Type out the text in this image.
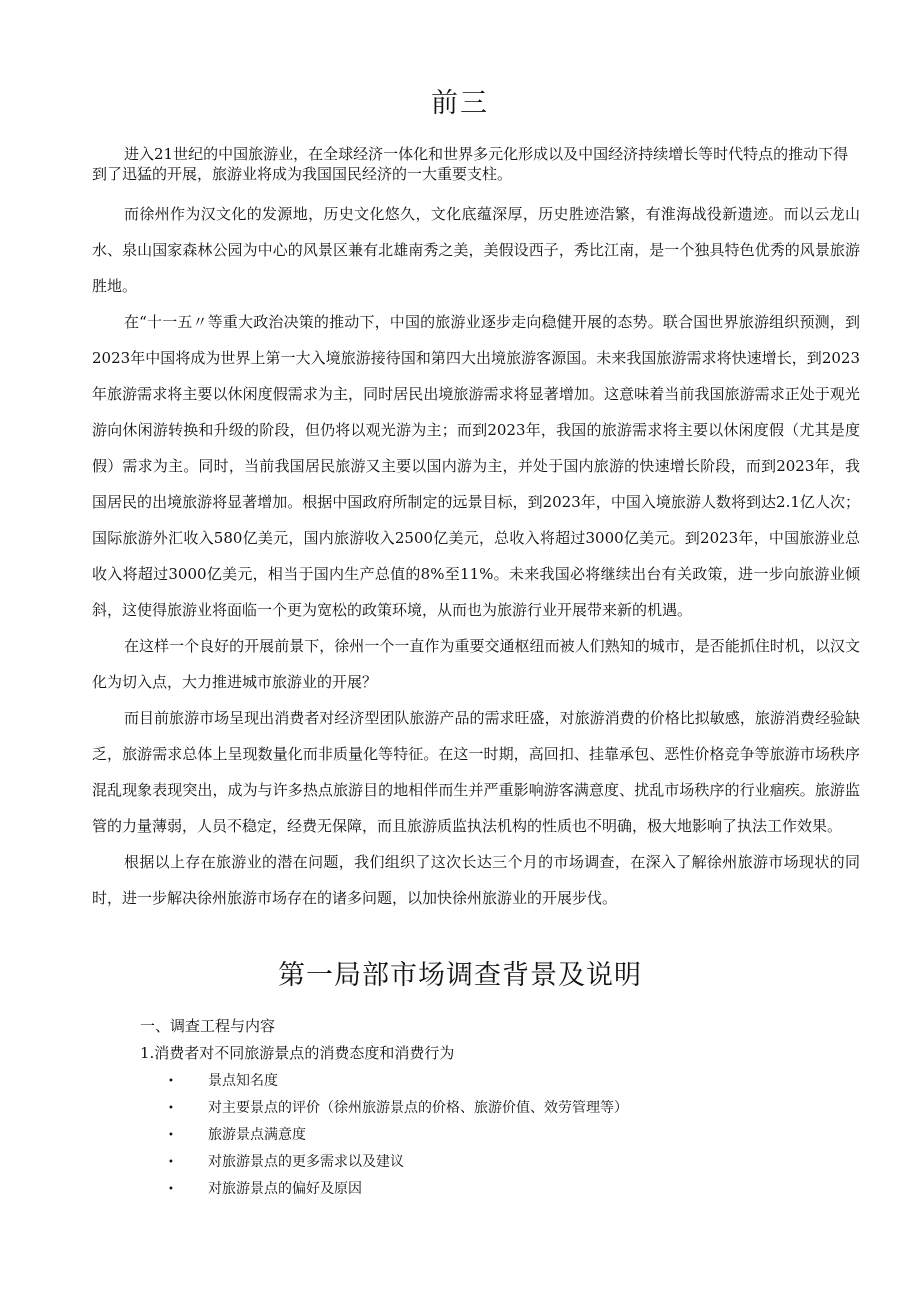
前三

进入21世纪的中国旅游业，在全球经济一体化和世界多元化形成以及中国经济持续增长等时代特点的推动下得到了迅猛的开展，旅游业将成为我国国民经济的一大重要支柱。

而徐州作为汉文化的发源地，历史文化悠久，文化底蕴深厚，历史胜迹浩繁，有淮海战役新遗迹。而以云龙山水、泉山国家森林公园为中心的风景区兼有北雄南秀之美，美假设西子，秀比江南，是一个独具特色优秀的风景旅游胜地。

在“十一五〃等重大政治决策的推动下，中国的旅游业逐步走向稳健开展的态势。联合国世界旅游组织预测，到2023年中国将成为世界上第一大入境旅游接待国和第四大出境旅游客源国。未来我国旅游需求将快速增长，到2023年旅游需求将主要以休闲度假需求为主，同时居民出境旅游需求将显著增加。这意味着当前我国旅游需求正处于观光游向休闲游转换和升级的阶段，但仍将以观光游为主；而到2023年，我国的旅游需求将主要以休闲度假（尤其是度假）需求为主。同时，当前我国居民旅游又主要以国内游为主，并处于国内旅游的快速增长阶段，而到2023年，我国居民的出境旅游将显著增加。根据中国政府所制定的远景目标，到2023年，中国入境旅游人数将到达2.1亿人次；国际旅游外汇收入580亿美元，国内旅游收入2500亿美元，总收入将超过3000亿美元。到2023年，中国旅游业总收入将超过3000亿美元，相当于国内生产总值的8%至11%。未来我国必将继续出台有关政策，进一步向旅游业倾斜，这使得旅游业将面临一个更为宽松的政策环境，从而也为旅游行业开展带来新的机遇。

在这样一个良好的开展前景下，徐州一个一直作为重要交通枢纽而被人们熟知的城市，是否能抓住时机，以汉文化为切入点，大力推进城市旅游业的开展？

而目前旅游市场呈现出消费者对经济型团队旅游产品的需求旺盛，对旅游消费的价格比拟敏感，旅游消费经验缺乏，旅游需求总体上呈现数量化而非质量化等特征。在这一时期，高回扣、挂靠承包、恶性价格竞争等旅游市场秩序混乱现象表现突出，成为与许多热点旅游目的地相伴而生并严重影响游客满意度、扰乱市场秩序的行业痼疾。旅游监管的力量薄弱，人员不稳定，经费无保障，而且旅游质监执法机构的性质也不明确，极大地影响了执法工作效果。

根据以上存在旅游业的潜在问题，我们组织了这次长达三个月的市场调查，在深入了解徐州旅游市场现状的同时，进一步解决徐州旅游市场存在的诸多问题，以加快徐州旅游业的开展步伐。

第一局部市场调查背景及说明
一、调查工程与内容
1.消费者对不同旅游景点的消费态度和消费行为
•	景点知名度
•	对主要景点的评价（徐州旅游景点的价格、旅游价值、效劳管理等）
•	旅游景点满意度
•	对旅游景点的更多需求以及建议
•	对旅游景点的偏好及原因
